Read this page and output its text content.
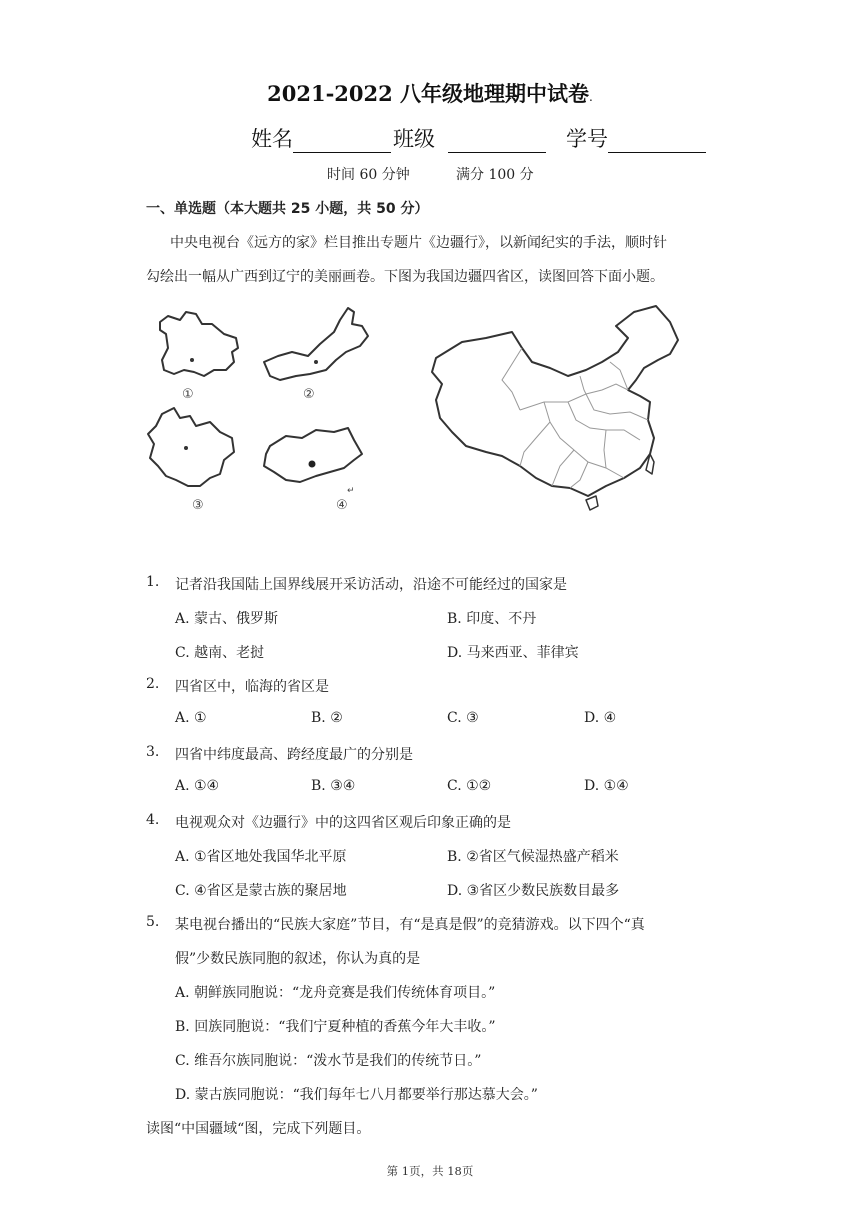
2021-2022 八年级地理期中试卷.
姓名	班级	学号
时间 60 分钟	满分 100 分
一、单选题（本大题共 25 小题，共 50 分）
中央电视台《远方的家》栏目推出专题片《边疆行》，以新闻纪实的手法，顺时针
勾绘出一幅从广西到辽宁的美丽画卷。下图为我国边疆四省区，读图回答下面小题。
①	②
③	④
↵
1. 记者沿我国陆上国界线展开采访活动，沿途不可能经过的国家是
A. 蒙古、俄罗斯	B. 印度、不丹
C. 越南、老挝	D. 马来西亚、菲律宾
2. 四省区中，临海的省区是
A. ①	B. ②	C. ③	D. ④
3. 四省中纬度最高、跨经度最广的分别是
A. ①④	B. ③④	C. ①②	D. ①④
4. 电视观众对《边疆行》中的这四省区观后印象正确的是
A. ①省区地处我国华北平原	B. ②省区气候湿热盛产稻米
C. ④省区是蒙古族的聚居地	D. ③省区少数民族数目最多
5. 某电视台播出的“民族大家庭”节目，有“是真是假”的竞猜游戏。以下四个“真
假”少数民族同胞的叙述，你认为真的是
A. 朝鲜族同胞说：“龙舟竞赛是我们传统体育项目。”
B. 回族同胞说：“我们宁夏种植的香蕉今年大丰收。”
C. 维吾尔族同胞说：“泼水节是我们的传统节日。”
D. 蒙古族同胞说：“我们每年七八月都要举行那达慕大会。”
读图“中国疆域“图，完成下列题目。
第 1页，共 18页
